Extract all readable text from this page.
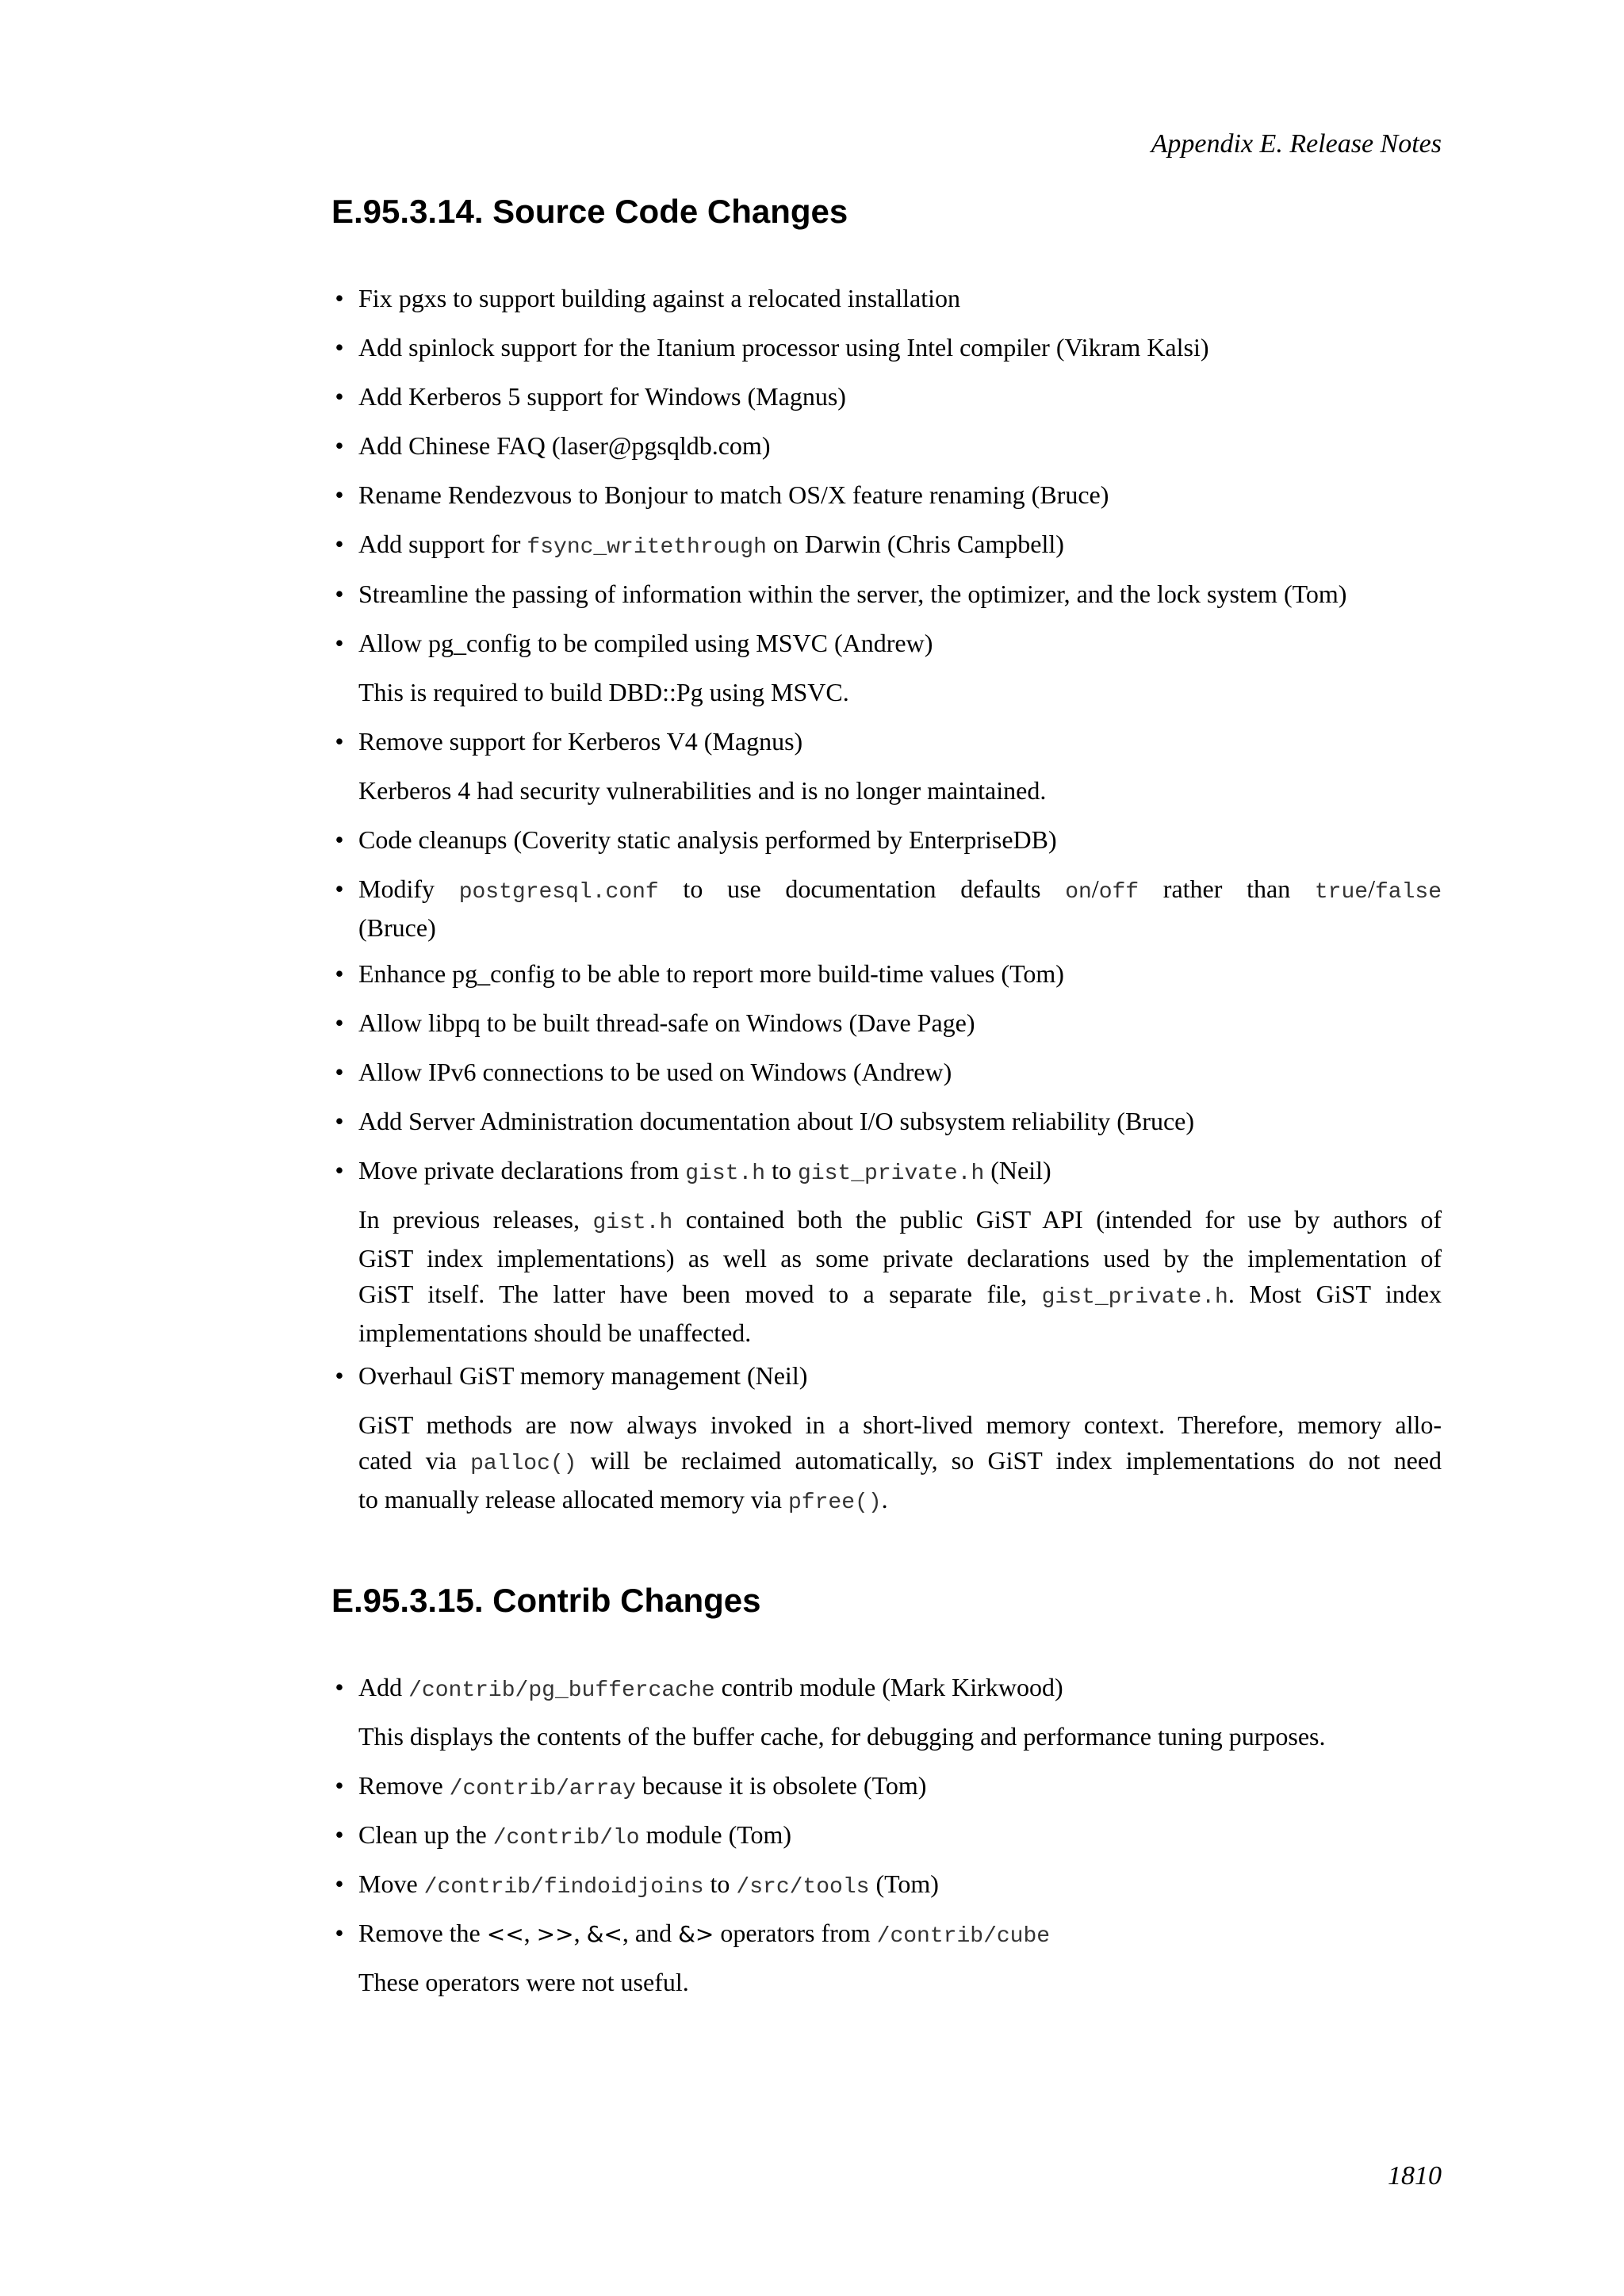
Appendix E. Release Notes
E.95.3.14. Source Code Changes
• Fix pgxs to support building against a relocated installation
• Add spinlock support for the Itanium processor using Intel compiler (Vikram Kalsi)
• Add Kerberos 5 support for Windows (Magnus)
• Add Chinese FAQ (laser@pgsqldb.com)
• Rename Rendezvous to Bonjour to match OS/X feature renaming (Bruce)
• Add support for fsync_writethrough on Darwin (Chris Campbell)
• Streamline the passing of information within the server, the optimizer, and the lock system (Tom)
• Allow pg_config to be compiled using MSVC (Andrew)
This is required to build DBD::Pg using MSVC.
• Remove support for Kerberos V4 (Magnus)
Kerberos 4 had security vulnerabilities and is no longer maintained.
• Code cleanups (Coverity static analysis performed by EnterpriseDB)
• Modify postgresql.conf to use documentation defaults on/off rather than true/false
(Bruce)
• Enhance pg_config to be able to report more build-time values (Tom)
• Allow libpq to be built thread-safe on Windows (Dave Page)
• Allow IPv6 connections to be used on Windows (Andrew)
• Add Server Administration documentation about I/O subsystem reliability (Bruce)
• Move private declarations from gist.h to gist_private.h (Neil)
In previous releases, gist.h contained both the public GiST API (intended for use by authors of
GiST index implementations) as well as some private declarations used by the implementation of
GiST itself. The latter have been moved to a separate file, gist_private.h. Most GiST index
implementations should be unaffected.
• Overhaul GiST memory management (Neil)
GiST methods are now always invoked in a short-lived memory context. Therefore, memory allo-
cated via palloc() will be reclaimed automatically, so GiST index implementations do not need
to manually release allocated memory via pfree().
E.95.3.15. Contrib Changes
• Add /contrib/pg_buffercache contrib module (Mark Kirkwood)
This displays the contents of the buffer cache, for debugging and performance tuning purposes.
• Remove /contrib/array because it is obsolete (Tom)
• Clean up the /contrib/lo module (Tom)
• Move /contrib/findoidjoins to /src/tools (Tom)
• Remove the <<, >>, &<, and &> operators from /contrib/cube
These operators were not useful.
1810
